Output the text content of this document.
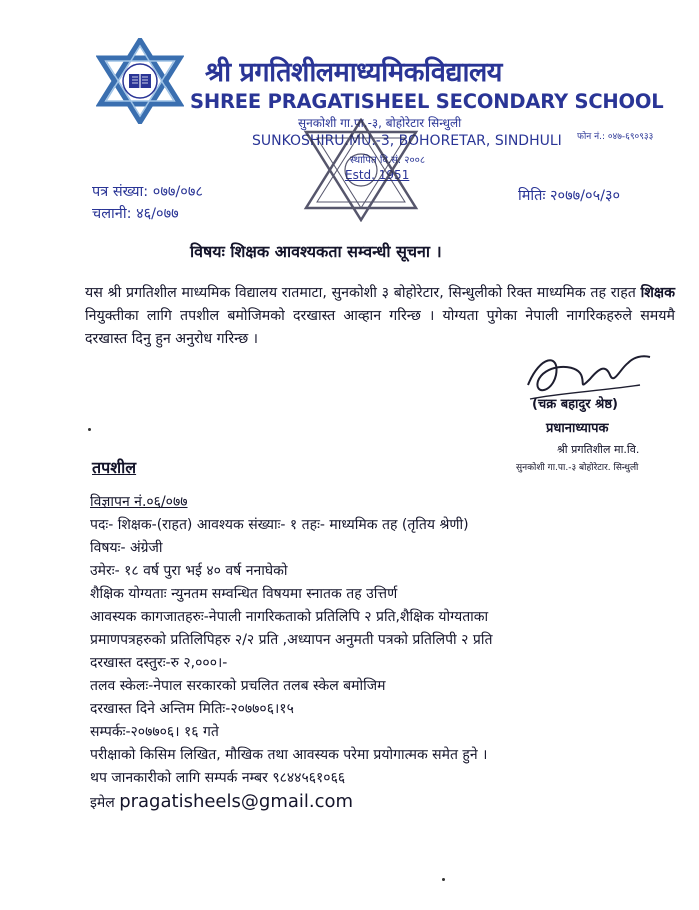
श्री प्रगतिशीलमाध्यमिकविद्यालय
SHREE PRAGATISHEEL SECONDARY SCHOOL
सुनकोशी गा.पा.-३, बोहोरेटार सिन्धुली
SUNKOSHIRU.MU.-3, BOHORETAR, SINDHULI फोन नं.: ०४७-६९०९३३
स्थापित वि.सं. २००८
Estd. 1951
पत्र संख्या: ०७७/०७८
चलानी: ४६/०७७
मितिः २०७७/०५/३०
विषयः शिक्षक आवश्यकता सम्वन्धी सूचना ।

यस श्री प्रगतिशील माध्यमिक विद्यालय रातमाटा, सुनकोशी ३ बोहोरेटार, सिन्धुलीको रिक्त माध्यमिक तह राहत शिक्षक नियुक्तीका लागि तपशील बमोजिमको दरखास्त आव्हान गरिन्छ । योग्यता पुगेका नेपाली नागरिकहरुले समयमै दरखास्त दिनु हुन अनुरोध गरिन्छ ।

(चक्र बहादुर श्रेष्ठ)
प्रधानाध्यापक
श्री प्रगतिशील मा.वि.
सुनकोशी गा.पा.-३ बोहोरेटार. सिन्धुली
तपशील
विज्ञापन नं.०६/०७७
पदः- शिक्षक-(राहत) आवश्यक संख्याः- १ तहः- माध्यमिक तह (तृतिय श्रेणी)
विषयः- अंग्रेजी
उमेरः- १८ वर्ष पुरा भई ४० वर्ष ननाघेको
शैक्षिक योग्यताः न्युनतम सम्वन्धित विषयमा स्नातक तह उत्तिर्ण
आवस्यक कागजातहरुः-नेपाली नागरिकताको प्रतिलिपि २ प्रति,शैक्षिक योग्यताका
प्रमाणपत्रहरुको प्रतिलिपिहरु २/२ प्रति ,अध्यापन अनुमती पत्रको प्रतिलिपी २ प्रति
दरखास्त दस्तुरः-रु २,०००।-
तलव स्केलः-नेपाल सरकारको प्रचलित तलब स्केल बमोजिम
दरखास्त दिने अन्तिम मितिः-२०७७०६।१५
सम्पर्कः-२०७७०६। १६ गते
परीक्षाको किसिम लिखित, मौखिक तथा आवस्यक परेमा प्रयोगात्मक समेत हुने ।
थप जानकारीको लागि सम्पर्क नम्बर ९८४४५६१०६६
इमेल pragatisheels@gmail.com
